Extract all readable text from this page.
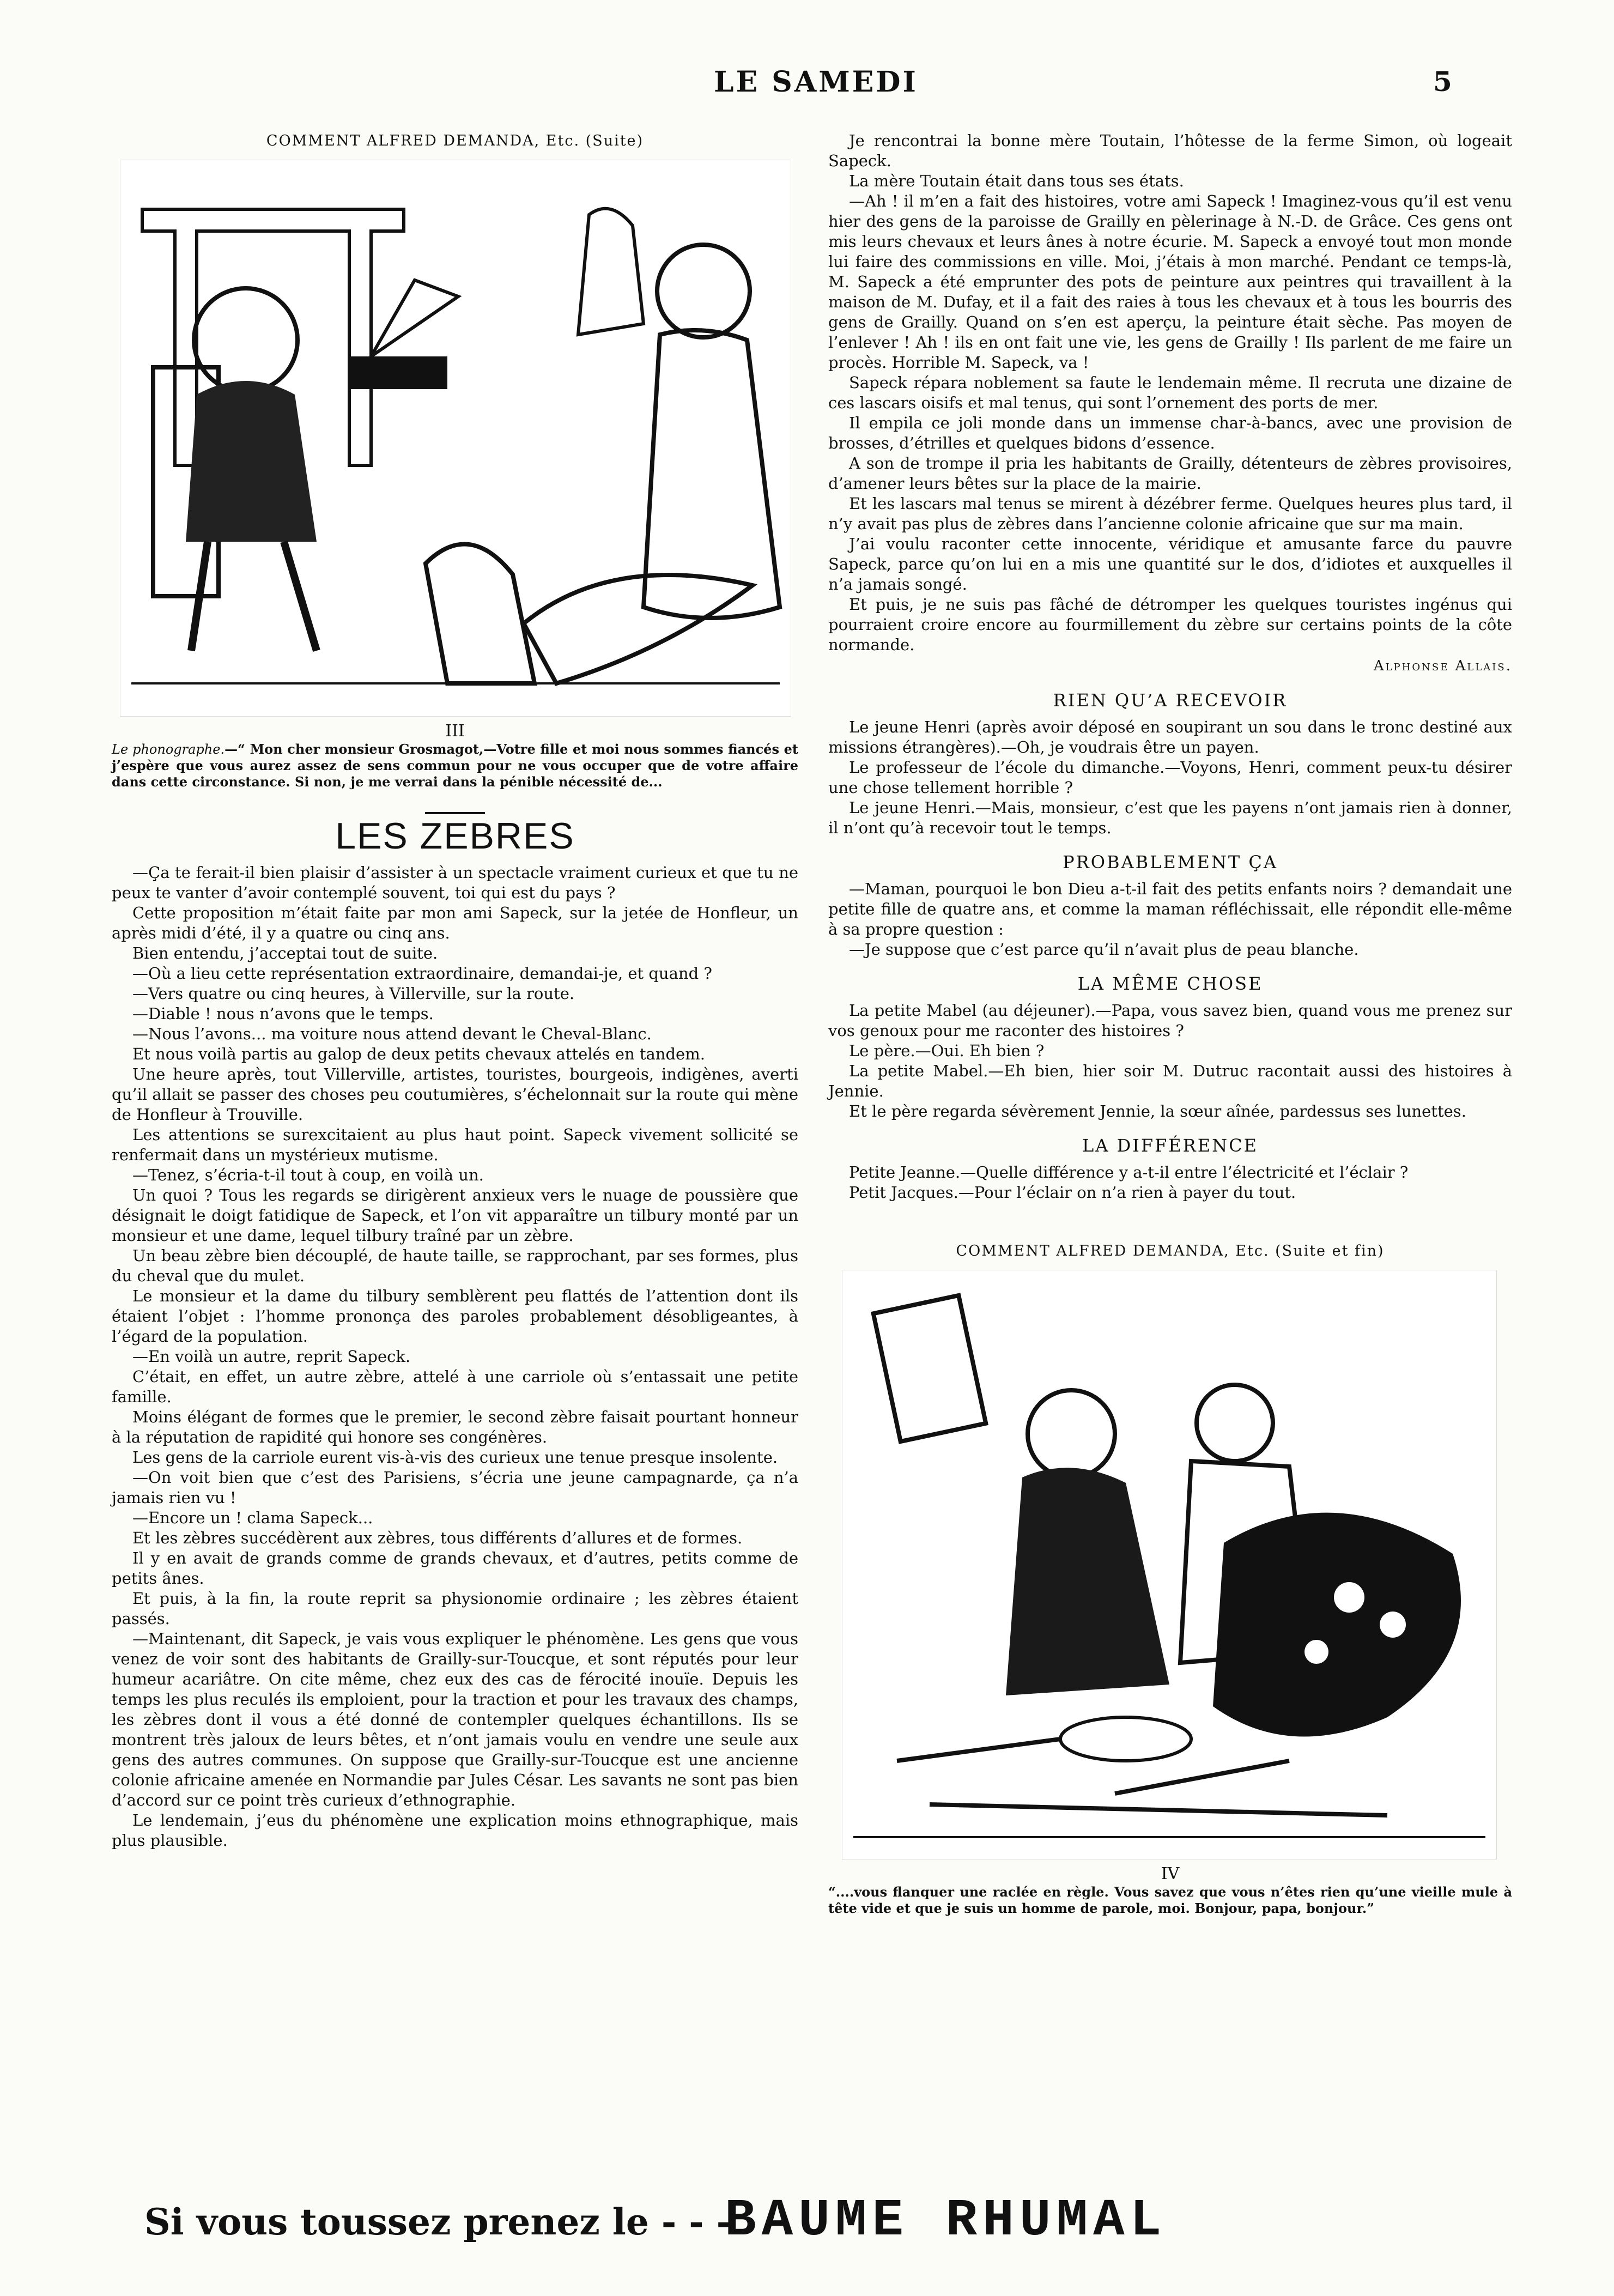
LE SAMEDI	5
COMMENT ALFRED DEMANDA, Etc. (Suite)
III
Le phonographe.—“ Mon cher monsieur Grosmagot,—Votre fille et moi nous sommes fiancés et j’espère que vous aurez assez de sens commun pour ne vous occuper que de votre affaire dans cette circonstance. Si non, je me verrai dans la pénible nécessité de...
LES ZEBRES

—Ça te ferait-il bien plaisir d’assister à un spectacle vraiment curieux et que tu ne peux te vanter d’avoir contemplé souvent, toi qui est du pays ?

Cette proposition m’était faite par mon ami Sapeck, sur la jetée de Honfleur, un après midi d’été, il y a quatre ou cinq ans.

Bien entendu, j’acceptai tout de suite.

—Où a lieu cette représentation extraordinaire, demandai-je, et quand ?

—Vers quatre ou cinq heures, à Villerville, sur la route.

—Diable ! nous n’avons que le temps.

—Nous l’avons... ma voiture nous attend devant le Cheval-Blanc.

Et nous voilà partis au galop de deux petits chevaux attelés en tandem.

Une heure après, tout Villerville, artistes, touristes, bourgeois, indigènes, averti qu’il allait se passer des choses peu coutumières, s’échelonnait sur la route qui mène de Honfleur à Trouville.

Les attentions se surexcitaient au plus haut point. Sapeck vivement sollicité se renfermait dans un mystérieux mutisme.

—Tenez, s’écria-t-il tout à coup, en voilà un.

Un quoi ? Tous les regards se dirigèrent anxieux vers le nuage de poussière que désignait le doigt fatidique de Sapeck, et l’on vit apparaître un tilbury monté par un monsieur et une dame, lequel tilbury traîné par un zèbre.

Un beau zèbre bien découplé, de haute taille, se rapprochant, par ses formes, plus du cheval que du mulet.

Le monsieur et la dame du tilbury semblèrent peu flattés de l’attention dont ils étaient l’objet : l’homme prononça des paroles probablement désobligeantes, à l’égard de la population.

—En voilà un autre, reprit Sapeck.

C’était, en effet, un autre zèbre, attelé à une carriole où s’entassait une petite famille.

Moins élégant de formes que le premier, le second zèbre faisait pourtant honneur à la réputation de rapidité qui honore ses congénères.

Les gens de la carriole eurent vis-à-vis des curieux une tenue presque insolente.

—On voit bien que c’est des Parisiens, s’écria une jeune campagnarde, ça n’a jamais rien vu !

—Encore un ! clama Sapeck...

Et les zèbres succédèrent aux zèbres, tous différents d’allures et de formes.

Il y en avait de grands comme de grands chevaux, et d’autres, petits comme de petits ânes.

Et puis, à la fin, la route reprit sa physionomie ordinaire ; les zèbres étaient passés.

—Maintenant, dit Sapeck, je vais vous expliquer le phénomène. Les gens que vous venez de voir sont des habitants de Grailly-sur-Toucque, et sont réputés pour leur humeur acariâtre. On cite même, chez eux des cas de férocité inouïe. Depuis les temps les plus reculés ils emploient, pour la traction et pour les travaux des champs, les zèbres dont il vous a été donné de contempler quelques échantillons. Ils se montrent très jaloux de leurs bêtes, et n’ont jamais voulu en vendre une seule aux gens des autres communes. On suppose que Grailly-sur-Toucque est une ancienne colonie africaine amenée en Normandie par Jules César. Les savants ne sont pas bien d’accord sur ce point très curieux d’ethnographie.

Le lendemain, j’eus du phénomène une explication moins ethnographique, mais plus plausible.

Je rencontrai la bonne mère Toutain, l’hôtesse de la ferme Simon, où logeait Sapeck.

La mère Toutain était dans tous ses états.

—Ah ! il m’en a fait des histoires, votre ami Sapeck ! Imaginez-vous qu’il est venu hier des gens de la paroisse de Grailly en pèlerinage à N.-D. de Grâce. Ces gens ont mis leurs chevaux et leurs ânes à notre écurie. M. Sapeck a envoyé tout mon monde lui faire des commissions en ville. Moi, j’étais à mon marché. Pendant ce temps-là, M. Sapeck a été emprunter des pots de peinture aux peintres qui travaillent à la maison de M. Dufay, et il a fait des raies à tous les chevaux et à tous les bourris des gens de Grailly. Quand on s’en est aperçu, la peinture était sèche. Pas moyen de l’enlever ! Ah ! ils en ont fait une vie, les gens de Grailly ! Ils parlent de me faire un procès. Horrible M. Sapeck, va !

Sapeck répara noblement sa faute le lendemain même. Il recruta une dizaine de ces lascars oisifs et mal tenus, qui sont l’ornement des ports de mer.

Il empila ce joli monde dans un immense char-à-bancs, avec une provision de brosses, d’étrilles et quelques bidons d’essence.

A son de trompe il pria les habitants de Grailly, détenteurs de zèbres provisoires, d’amener leurs bêtes sur la place de la mairie.

Et les lascars mal tenus se mirent à dézébrer ferme. Quelques heures plus tard, il n’y avait pas plus de zèbres dans l’ancienne colonie africaine que sur ma main.

J’ai voulu raconter cette innocente, véridique et amusante farce du pauvre Sapeck, parce qu’on lui en a mis une quantité sur le dos, d’idiotes et auxquelles il n’a jamais songé.

Et puis, je ne suis pas fâché de détromper les quelques touristes ingénus qui pourraient croire encore au fourmillement du zèbre sur certains points de la côte normande.

Alphonse Allais.
RIEN QU’A RECEVOIR

Le jeune Henri (après avoir déposé en soupirant un sou dans le tronc destiné aux missions étrangères).—Oh, je voudrais être un payen.

Le professeur de l’école du dimanche.—Voyons, Henri, comment peux-tu désirer une chose tellement horrible ?

Le jeune Henri.—Mais, monsieur, c’est que les payens n’ont jamais rien à donner, il n’ont qu’à recevoir tout le temps.

PROBABLEMENT ÇA

—Maman, pourquoi le bon Dieu a-t-il fait des petits enfants noirs ? demandait une petite fille de quatre ans, et comme la maman réfléchissait, elle répondit elle-même à sa propre question :

—Je suppose que c’est parce qu’il n’avait plus de peau blanche.

LA MÊME CHOSE

La petite Mabel (au déjeuner).—Papa, vous savez bien, quand vous me prenez sur vos genoux pour me raconter des histoires ?

Le père.—Oui. Eh bien ?

La petite Mabel.—Eh bien, hier soir M. Dutruc racontait aussi des histoires à Jennie.

Et le père regarda sévèrement Jennie, la sœur aînée, pardessus ses lunettes.

LA DIFFÉRENCE

Petite Jeanne.—Quelle différence y a-t-il entre l’électricité et l’éclair ?

Petit Jacques.—Pour l’éclair on n’a rien à payer du tout.

COMMENT ALFRED DEMANDA, Etc. (Suite et fin)
IV
“....vous flanquer une raclée en règle. Vous savez que vous n’êtes rien qu’une vieille mule à tête vide et que je suis un homme de parole, moi. Bonjour, papa, bonjour.”
Si vous toussez prenez le - - -
BAUME RHUMAL
